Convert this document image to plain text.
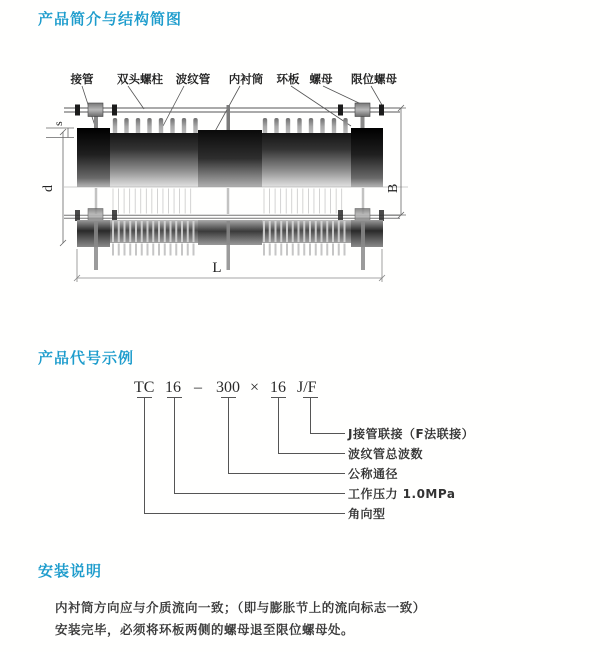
产品简介与结构简图
接管 双头螺柱 波纹管 内衬筒 环板 螺母 限位螺母
s
d	B
L
产品代号示例
TC 16 – 300 × 16 J/F
J接管联接（F法联接）
波纹管总波数
公称通径
工作压力 1.0MPa
角向型
安装说明
内衬筒方向应与介质流向一致；（即与膨胀节上的流向标志一致）
安装完毕，必须将环板两侧的螺母退至限位螺母处。
